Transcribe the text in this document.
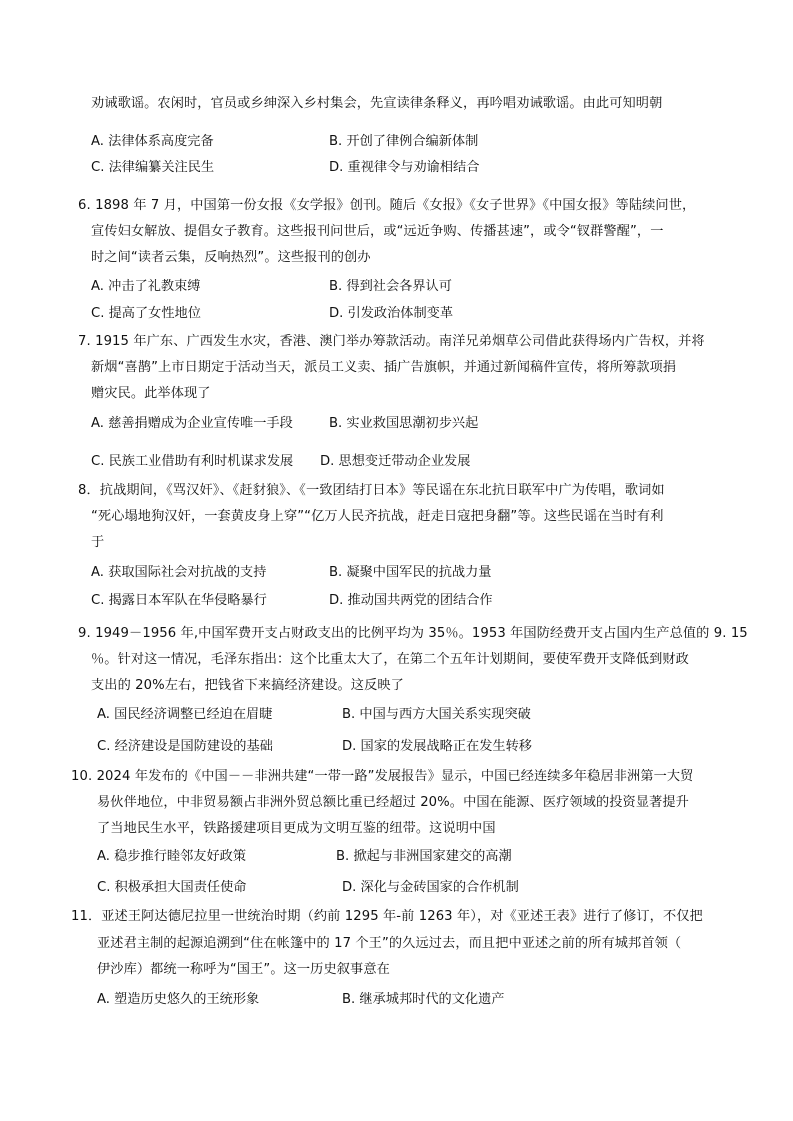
劝诫歌谣。农闲时，官员或乡绅深入乡村集会，先宣读律条释义，再吟唱劝诫歌谣。由此可知明朝
A. 法律体系高度完备	B. 开创了律例合编新体制
C. 法律编纂关注民生	D. 重视律令与劝谕相结合
6. 1898 年 7 月，中国第一份女报《女学报》创刊。随后《女报》《女子世界》《中国女报》等陆续问世，
宣传妇女解放、提倡女子教育。这些报刊问世后，或“远近争购、传播甚速”，或令“钗群警醒”，一
时之间“读者云集，反响热烈”。这些报刊的创办
A. 冲击了礼教束缚	B. 得到社会各界认可
C. 提高了女性地位	D. 引发政治体制变革
7. 1915 年广东、广西发生水灾，香港、澳门举办筹款活动。南洋兄弟烟草公司借此获得场内广告权，并将
新烟“喜鹊”上市日期定于活动当天，派员工义卖、插广告旗帜，并通过新闻稿件宣传，将所筹款项捐
赠灾民。此举体现了
A. 慈善捐赠成为企业宣传唯一手段	B. 实业救国思潮初步兴起
C. 民族工业借助有利时机谋求发展 D. 思想变迁带动企业发展
8．抗战期间，《骂汉奸》、《赶豺狼》、《一致团结打日本》等民谣在东北抗日联军中广为传唱，歌词如
“死心塌地狗汉奸，一套黄皮身上穿”“亿万人民齐抗战，赶走日寇把身翻”等。这些民谣在当时有利
于
A. 获取国际社会对抗战的支持	B. 凝聚中国军民的抗战力量
C. 揭露日本军队在华侵略暴行	D. 推动国共两党的团结合作
9. 1949－1956 年,中国军费开支占财政支出的比例平均为 35％。1953 年国防经费开支占国内生产总值的 9. 15
％。针对这一情况，毛泽东指出：这个比重太大了，在第二个五年计划期间，要使军费开支降低到财政
支出的 20%左右，把钱省下来搞经济建设。这反映了
A. 国民经济调整已经迫在眉睫	B. 中国与西方大国关系实现突破
C. 经济建设是国防建设的基础	D. 国家的发展战略正在发生转移
10. 2024 年发布的《中国－－非洲共建“一带一路”发展报告》显示，中国已经连续多年稳居非洲第一大贸
易伙伴地位，中非贸易额占非洲外贸总额比重已经超过 20%。中国在能源、医疗领域的投资显著提升
了当地民生水平，铁路援建项目更成为文明互鉴的纽带。这说明中国
A. 稳步推行睦邻友好政策	B. 掀起与非洲国家建交的高潮
C. 积极承担大国责任使命	D. 深化与金砖国家的合作机制
11．亚述王阿达德尼拉里一世统治时期（约前 1295 年-前 1263 年），对《亚述王表》进行了修订，不仅把
亚述君主制的起源追溯到“住在帐篷中的 17 个王”的久远过去，而且把中亚述之前的所有城邦首领（
伊沙库）都统一称呼为“国王”。这一历史叙事意在
A. 塑造历史悠久的王统形象	B. 继承城邦时代的文化遗产
